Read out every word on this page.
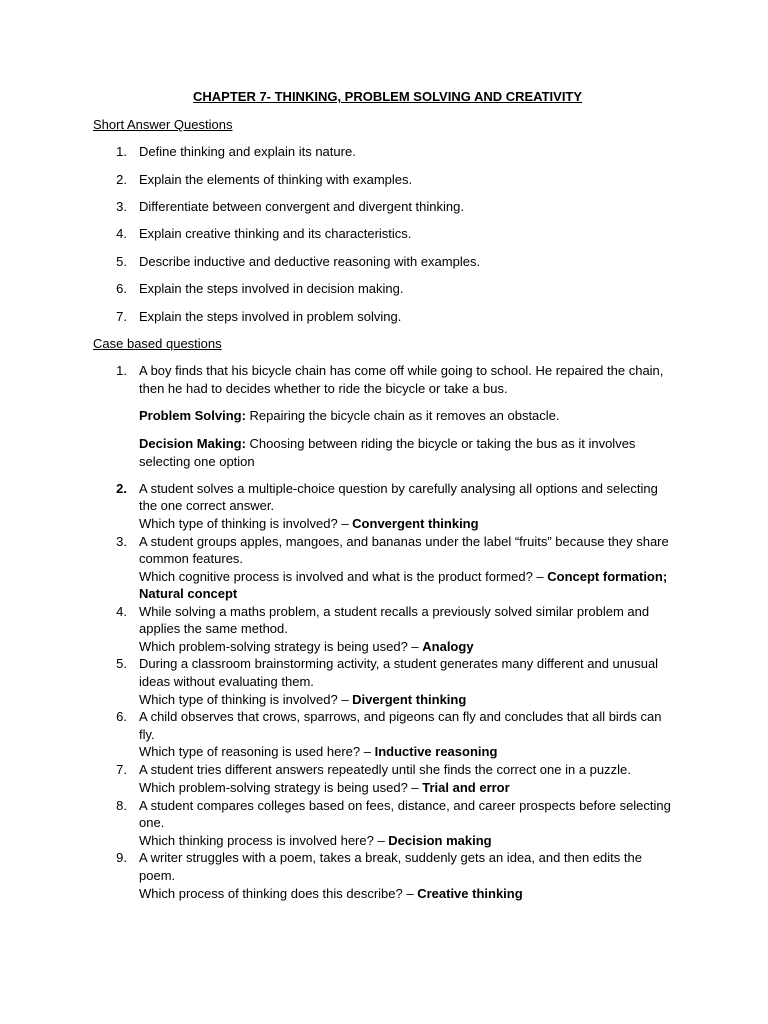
CHAPTER 7- THINKING, PROBLEM SOLVING AND CREATIVITY
Short Answer Questions
1. Define thinking and explain its nature.
2. Explain the elements of thinking with examples.
3. Differentiate between convergent and divergent thinking.
4. Explain creative thinking and its characteristics.
5. Describe inductive and deductive reasoning with examples.
6. Explain the steps involved in decision making.
7. Explain the steps involved in problem solving.
Case based questions
1. A boy finds that his bicycle chain has come off while going to school. He repaired the chain,
then he had to decides whether to ride the bicycle or take a bus.
Problem Solving: Repairing the bicycle chain as it removes an obstacle.
Decision Making: Choosing between riding the bicycle or taking the bus as it involves
selecting one option
2. A student solves a multiple-choice question by carefully analysing all options and selecting
the one correct answer.
Which type of thinking is involved? – Convergent thinking
3. A student groups apples, mangoes, and bananas under the label “fruits” because they share
common features.
Which cognitive process is involved and what is the product formed? – Concept formation;
Natural concept
4. While solving a maths problem, a student recalls a previously solved similar problem and
applies the same method.
Which problem-solving strategy is being used? – Analogy
5. During a classroom brainstorming activity, a student generates many different and unusual
ideas without evaluating them.
Which type of thinking is involved? – Divergent thinking
6. A child observes that crows, sparrows, and pigeons can fly and concludes that all birds can
fly.
Which type of reasoning is used here? – Inductive reasoning
7. A student tries different answers repeatedly until she finds the correct one in a puzzle.
Which problem-solving strategy is being used? – Trial and error
8. A student compares colleges based on fees, distance, and career prospects before selecting
one.
Which thinking process is involved here? – Decision making
9. A writer struggles with a poem, takes a break, suddenly gets an idea, and then edits the
poem.
Which process of thinking does this describe? – Creative thinking
